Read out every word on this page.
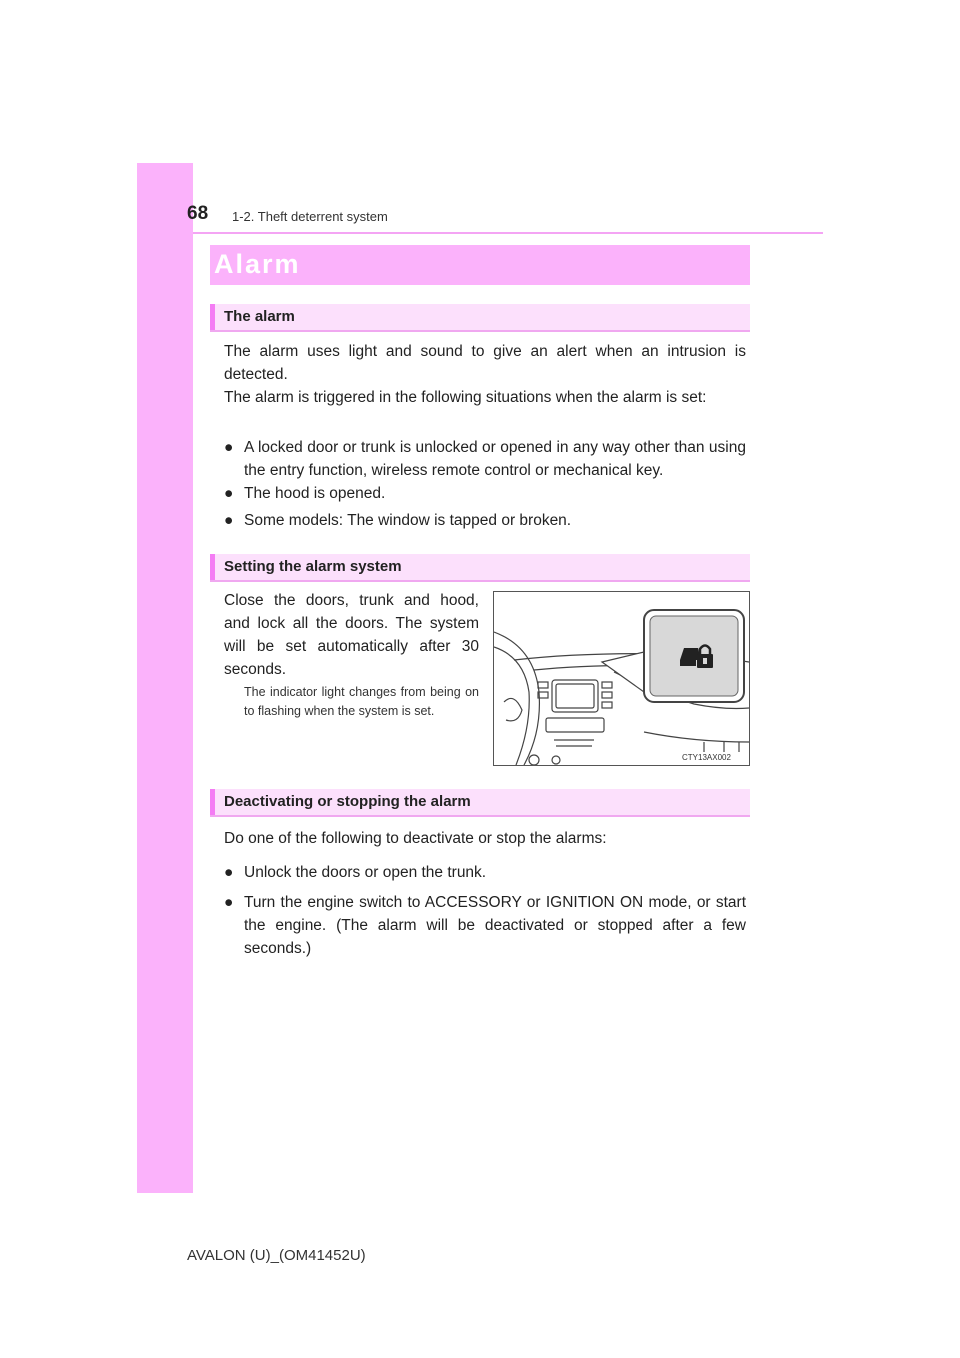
68 1-2. Theft deterrent system
Alarm
The alarm

The alarm uses light and sound to give an alert when an intrusion is detected.

The alarm is triggered in the following situations when the alarm is set:

● A locked door or trunk is unlocked or opened in any way other than using the entry function, wireless remote control or mechanical key.
● The hood is opened.
● Some models: The window is tapped or broken.
Setting the alarm system

Close the doors, trunk and hood, and lock all the doors. The system will be set automatically after 30 seconds.

The indicator light changes from being on to flashing when the system is set.

CTY13AX002
Deactivating or stopping the alarm

Do one of the following to deactivate or stop the alarms:

● Unlock the doors or open the trunk.
● Turn the engine switch to ACCESSORY or IGNITION ON mode, or start the engine. (The alarm will be deactivated or stopped after a few seconds.)
AVALON (U)_(OM41452U)
